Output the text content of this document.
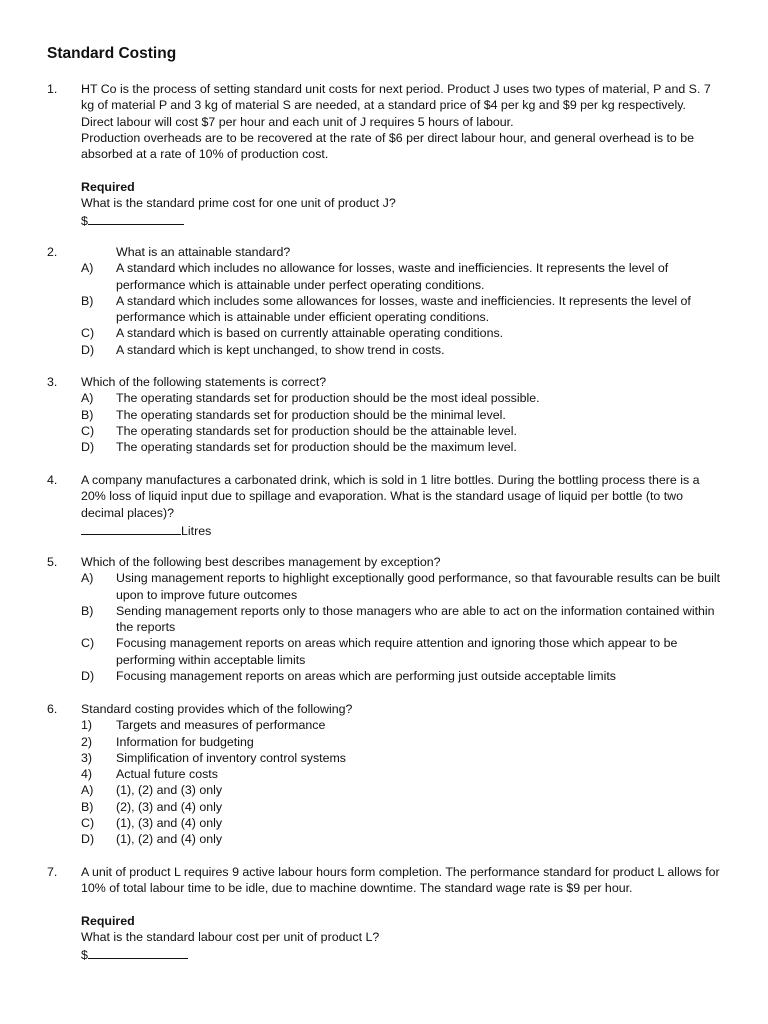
Standard Costing
1. HT Co is the process of setting standard unit costs for next period. Product J uses two types of material, P and S. 7 kg of material P and 3 kg of material S are needed, at a standard price of $4 per kg and $9 per kg respectively.

Direct labour will cost $7 per hour and each unit of J requires 5 hours of labour.

Production overheads are to be recovered at the rate of $6 per direct labour hour, and general overhead is to be absorbed at a rate of 10% of production cost.

Required

What is the standard prime cost for one unit of product J?

$

2.	What is an attainable standard?

A) A standard which includes no allowance for losses, waste and inefficiencies. It represents the level of performance which is attainable under perfect operating conditions.
B) A standard which includes some allowances for losses, waste and inefficiencies. It represents the level of performance which is attainable under efficient operating conditions.
C) A standard which is based on currently attainable operating conditions.
D) A standard which is kept unchanged, to show trend in costs.
3. Which of the following statements is correct?

A) The operating standards set for production should be the most ideal possible.
B) The operating standards set for production should be the minimal level.
C) The operating standards set for production should be the attainable level.
D) The operating standards set for production should be the maximum level.
4. A company manufactures a carbonated drink, which is sold in 1 litre bottles. During the bottling process there is a 20% loss of liquid input due to spillage and evaporation. What is the standard usage of liquid per bottle (to two decimal places)?

Litres

5. Which of the following best describes management by exception?

A) Using management reports to highlight exceptionally good performance, so that favourable results can be built upon to improve future outcomes
B) Sending management reports only to those managers who are able to act on the information contained within the reports
C) Focusing management reports on areas which require attention and ignoring those which appear to be performing within acceptable limits
D) Focusing management reports on areas which are performing just outside acceptable limits
6. Standard costing provides which of the following?

1) Targets and measures of performance
2) Information for budgeting
3) Simplification of inventory control systems
4) Actual future costs
A) (1), (2) and (3) only
B) (2), (3) and (4) only
C) (1), (3) and (4) only
D) (1), (2) and (4) only
7. A unit of product L requires 9 active labour hours form completion. The performance standard for product L allows for 10% of total labour time to be idle, due to machine downtime. The standard wage rate is $9 per hour.

Required

What is the standard labour cost per unit of product L?

$
